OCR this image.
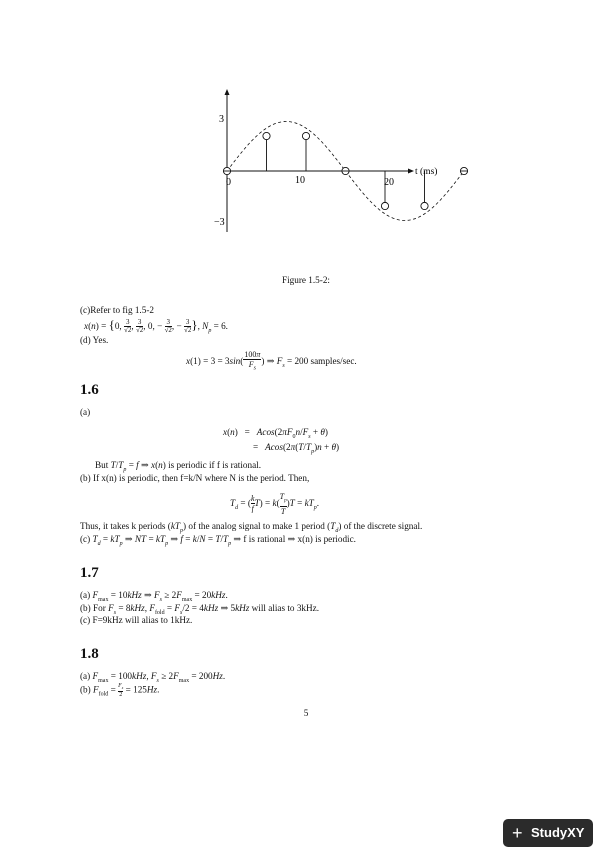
3
−3
0	10	20
t (ms)
Figure 1.5-2:
(c)Refer to fig 1.5-2
x(n) = {0, 3
√2, 3
√2, 0, − 3
√2, − 3
√2}, $N_p = 6$.
(d) Yes.
$x(1) = 3 = 3\sin( \frac{100\pi}{F_s})$ ⇒ $F_s = 200$ samples/sec.
1.6
(a)
$x(n) = Acos(2\pi F_0n/F_s + \theta)$
=   $Acos(2\pi(T/T_p)n + \theta)$
But $T/T_p = f$ ⇒ x(n) is periodic if f is rational.
(b) If x(n) is periodic, then f=k/N where N is the period. Then,
$T_d$ = ( $\frac{k}{f}T) = k( \frac{T_p}{T})T = kT_p$.
Thus, it takes k periods $(kT_p)$ of the analog signal to make 1 period $(T_d)$ of the discrete signal.
(c) $T_d = kT_p$ ⇒ NT = $kT_p$ ⇒ $f = k/N = T/T_p$ ⇒ f is rational ⇒ x(n) is periodic.
1.7
(a) $F_{max} = 10kHz$ ⇒ $F_s \ge 2F_{max} = 20kHz$.
(b) For $F_s = 8kHz$, $F_{fold} = F_s/2 = 4kHz$ ⇒ 5kHz will alias to 3kHz.
(c) F=9kHz will alias to 1kHz.
1.8
(a) $F_{max} = 100kHz$, $F_s \ge 2F_{max} = 200Hz$.
(b) $F_{fold} = F_s$
2 = 125Hz.
5
+ StudyXY
